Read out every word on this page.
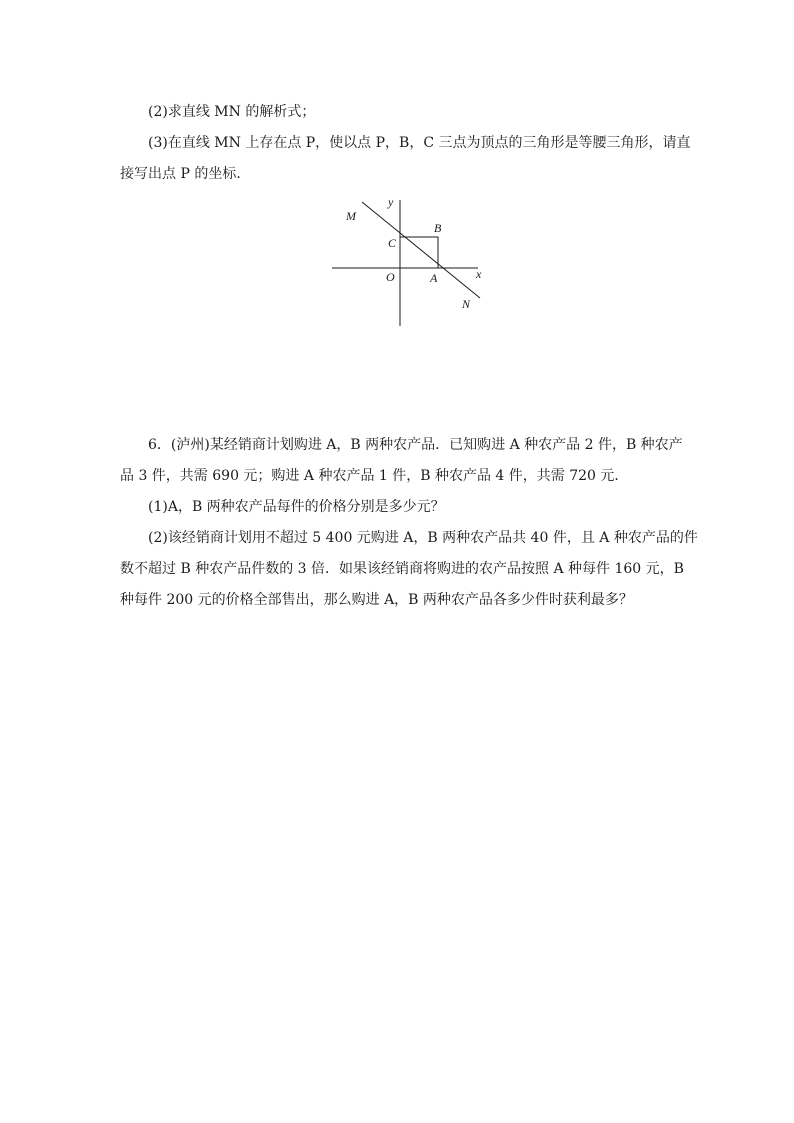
(2)求直线 MN 的解析式；
(3)在直线 MN 上存在点 P，使以点 P，B，C 三点为顶点的三角形是等腰三角形，请直
接写出点 P 的坐标．
y
x
M
N
B
C
O	A
6．(泸州)某经销商计划购进 A，B 两种农产品．已知购进 A 种农产品 2 件，B 种农产
品 3 件，共需 690 元；购进 A 种农产品 1 件，B 种农产品 4 件，共需 720 元．
(1)A，B 两种农产品每件的价格分别是多少元？
(2)该经销商计划用不超过 5 400 元购进 A，B 两种农产品共 40 件，且 A 种农产品的件
数不超过 B 种农产品件数的 3 倍．如果该经销商将购进的农产品按照 A 种每件 160 元，B
种每件 200 元的价格全部售出，那么购进 A，B 两种农产品各多少件时获利最多？
